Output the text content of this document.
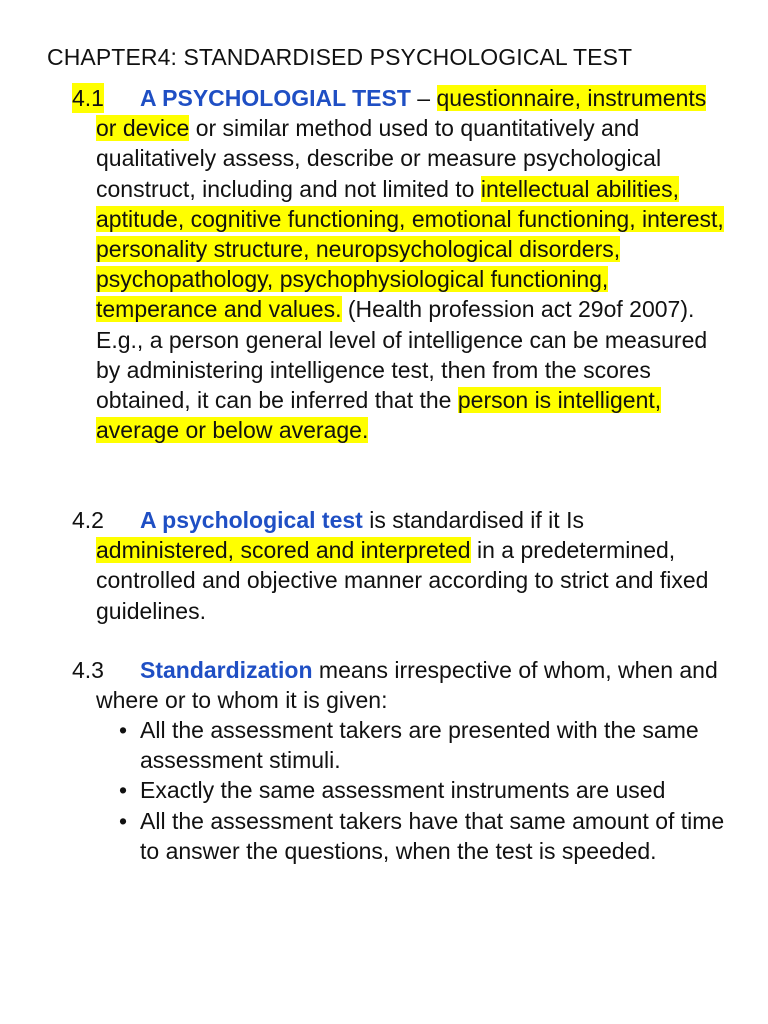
CHAPTER4: STANDARDISED PSYCHOLOGICAL TEST
4.1 A PSYCHOLOGIAL TEST – questionnaire, instruments or device or similar method used to quantitatively and qualitatively assess, describe or measure psychological construct, including and not limited to intellectual abilities, aptitude, cognitive functioning, emotional functioning, interest, personality structure, neuropsychological disorders, psychopathology, psychophysiological functioning, temperance and values. (Health profession act 29of 2007). E.g., a person general level of intelligence can be measured by administering intelligence test, then from the scores obtained, it can be inferred that the person is intelligent, average or below average.
4.2 A psychological test is standardised if it Is administered, scored and interpreted in a predetermined, controlled and objective manner according to strict and fixed guidelines.
4.3 Standardization means irrespective of whom, when and where or to whom it is given:
• All the assessment takers are presented with the same assessment stimuli.
• Exactly the same assessment instruments are used
• All the assessment takers have that same amount of time to answer the questions, when the test is speeded.
